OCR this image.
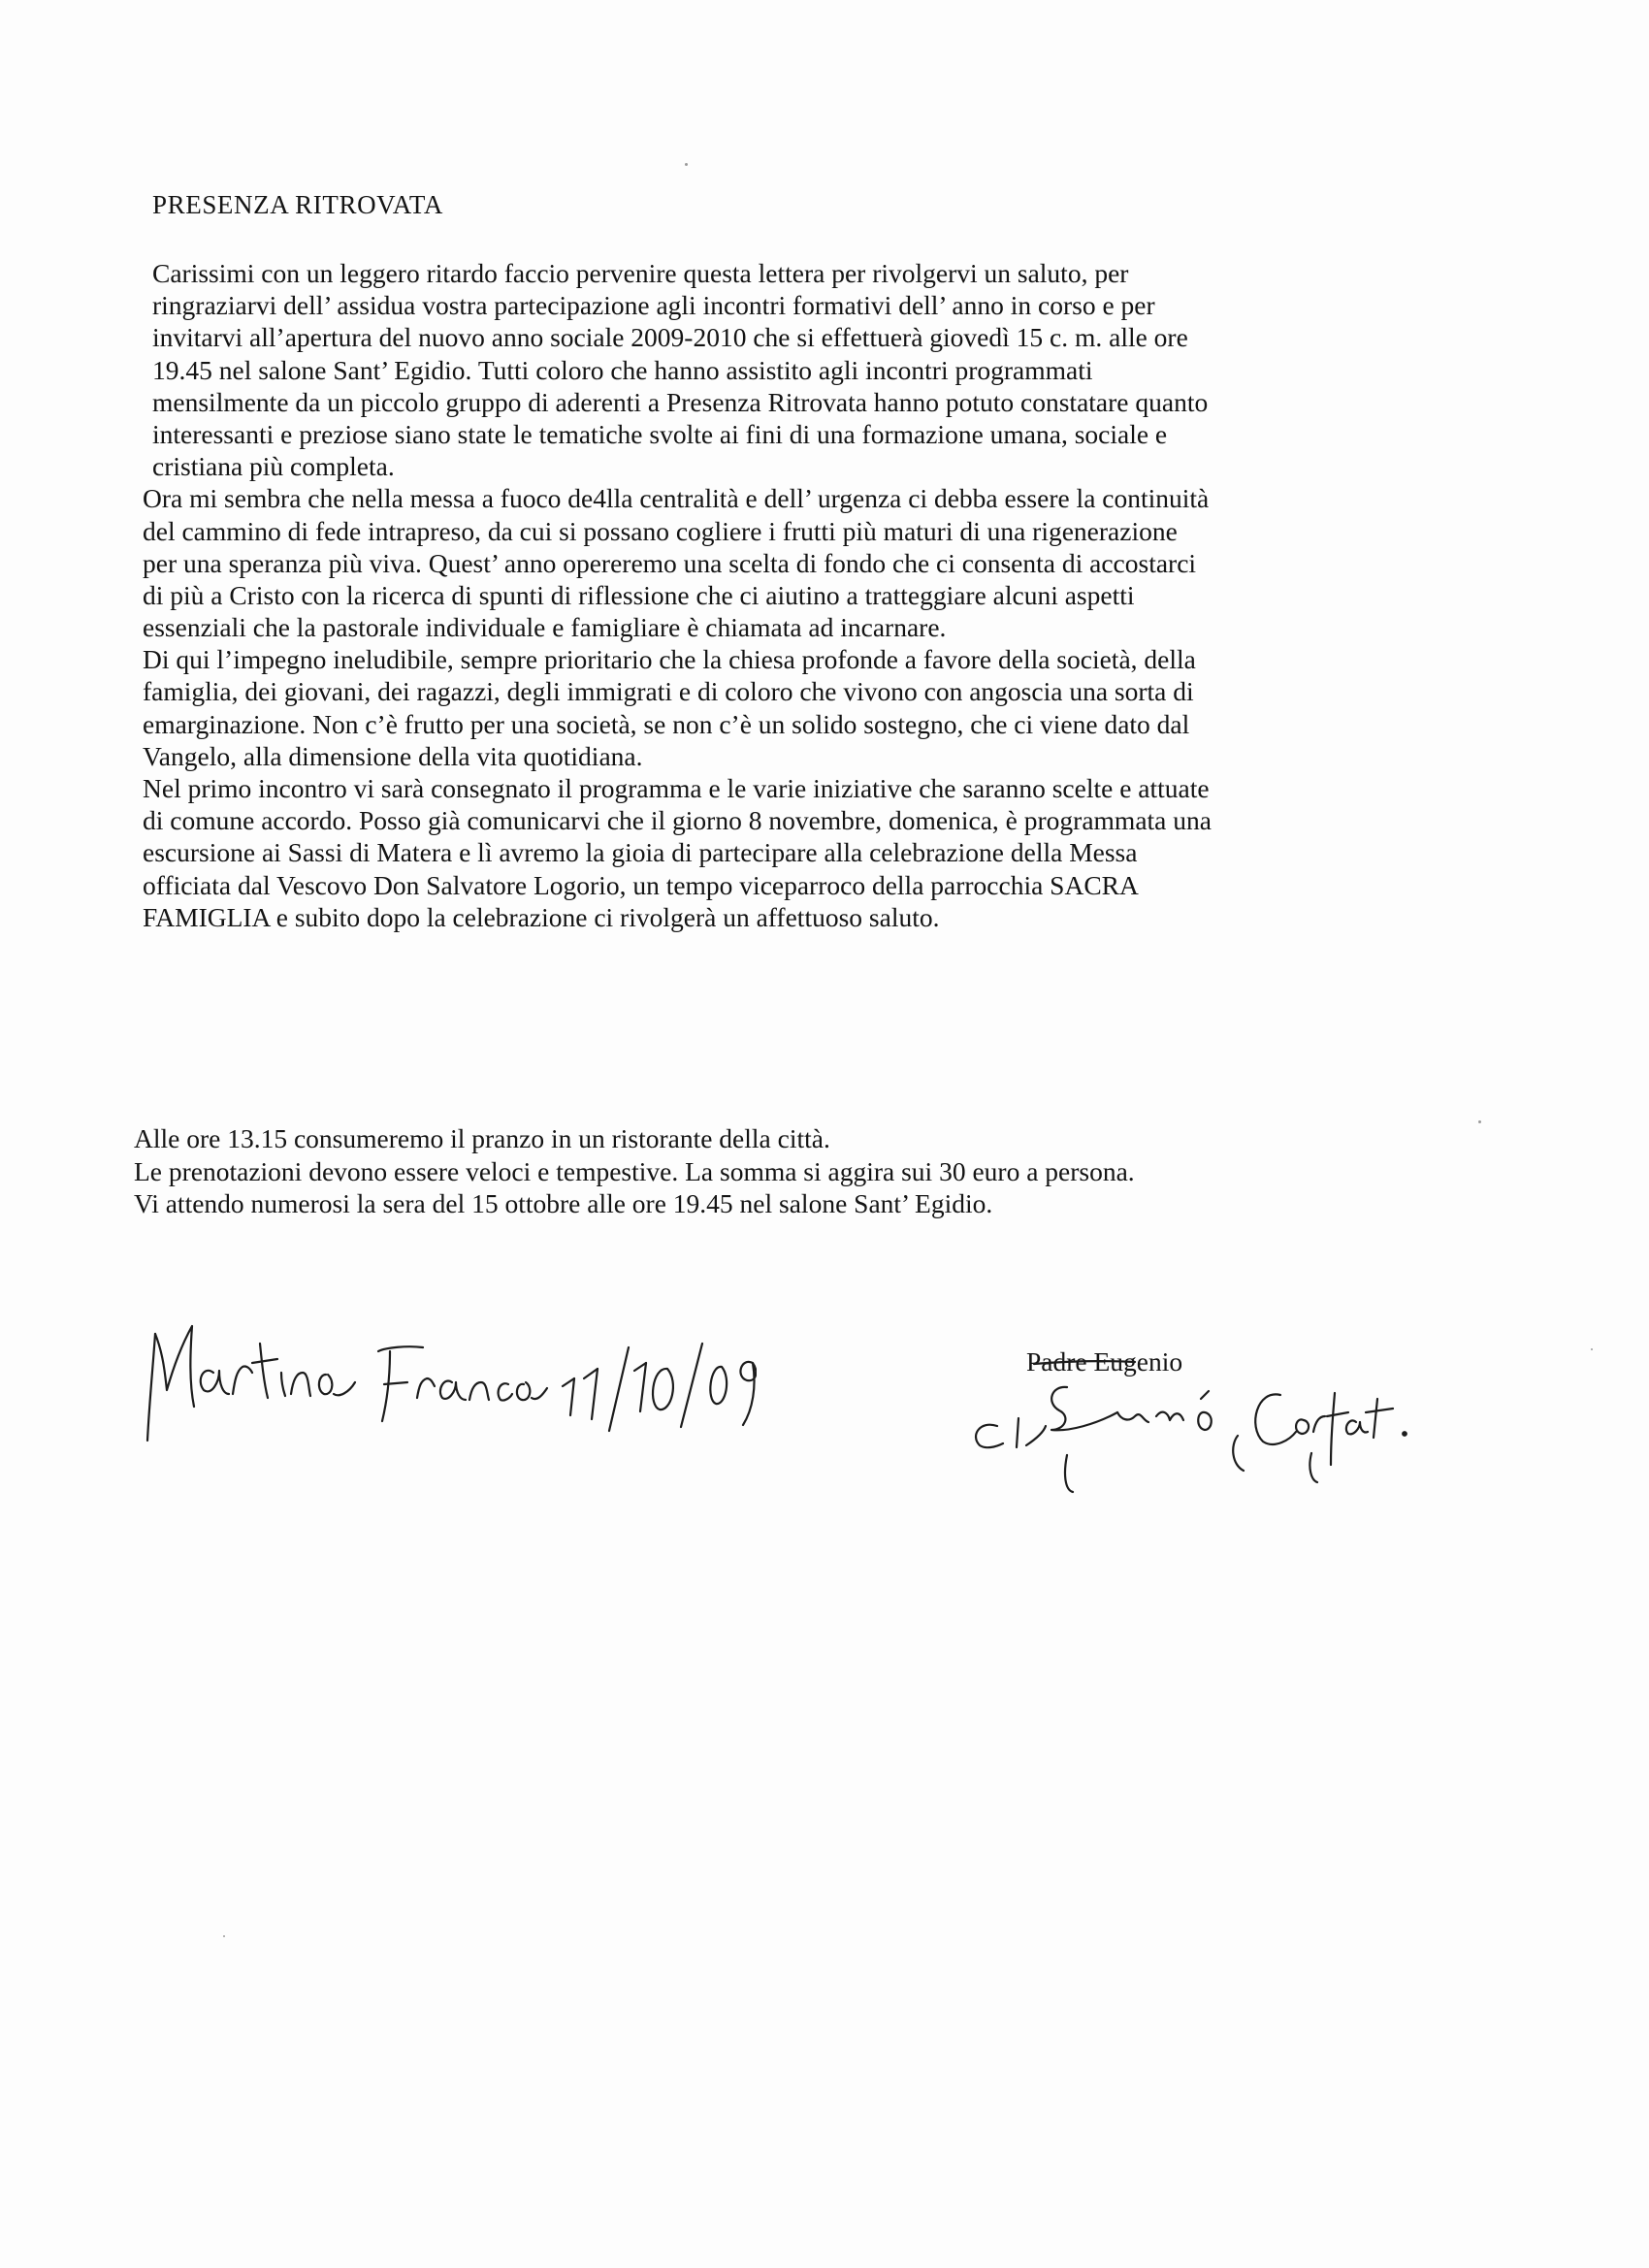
PRESENZA RITROVATA
Carissimi con un leggero ritardo faccio pervenire questa lettera per rivolgervi un saluto, per
ringraziarvi dell’ assidua vostra partecipazione agli incontri formativi dell’ anno in corso e per
invitarvi all’apertura del nuovo anno sociale 2009-2010 che si effettuerà giovedì 15 c. m. alle ore
19.45 nel salone Sant’ Egidio. Tutti coloro che hanno assistito agli incontri programmati
mensilmente da un piccolo gruppo di aderenti a Presenza Ritrovata hanno potuto constatare quanto
interessanti e preziose siano state le tematiche svolte ai fini di una formazione umana, sociale e
cristiana più completa.
Ora mi sembra che nella messa a fuoco de4lla centralità e dell’ urgenza ci debba essere la continuità
del cammino di fede intrapreso, da cui si possano cogliere i frutti più maturi di una rigenerazione
per una speranza più viva. Quest’ anno opereremo una scelta di fondo che ci consenta di accostarci
di più a Cristo con la ricerca di spunti di riflessione che ci aiutino a tratteggiare alcuni aspetti
essenziali che la pastorale individuale e famigliare è chiamata ad incarnare.
Di qui l’impegno ineludibile, sempre prioritario che la chiesa profonde a favore della società, della
famiglia, dei giovani, dei ragazzi, degli immigrati e di coloro che vivono con angoscia una sorta di
emarginazione. Non c’è frutto per una società, se non c’è un solido sostegno, che ci viene dato dal
Vangelo, alla dimensione della vita quotidiana.
Nel primo incontro vi sarà consegnato il programma e le varie iniziative che saranno scelte e attuate
di comune accordo. Posso già comunicarvi che il giorno 8 novembre, domenica, è programmata una
escursione ai Sassi di Matera e lì avremo la gioia di partecipare alla celebrazione della Messa
officiata dal Vescovo Don Salvatore Logorio, un tempo viceparroco della parrocchia SACRA
FAMIGLIA e subito dopo la celebrazione ci rivolgerà un affettuoso saluto.
Alle ore 13.15 consumeremo il pranzo in un ristorante della città.
Le prenotazioni devono essere veloci e tempestive. La somma si aggira sui 30 euro a persona.
Vi attendo numerosi la sera del 15 ottobre alle ore 19.45 nel salone Sant’ Egidio.
Padre Eugenio
